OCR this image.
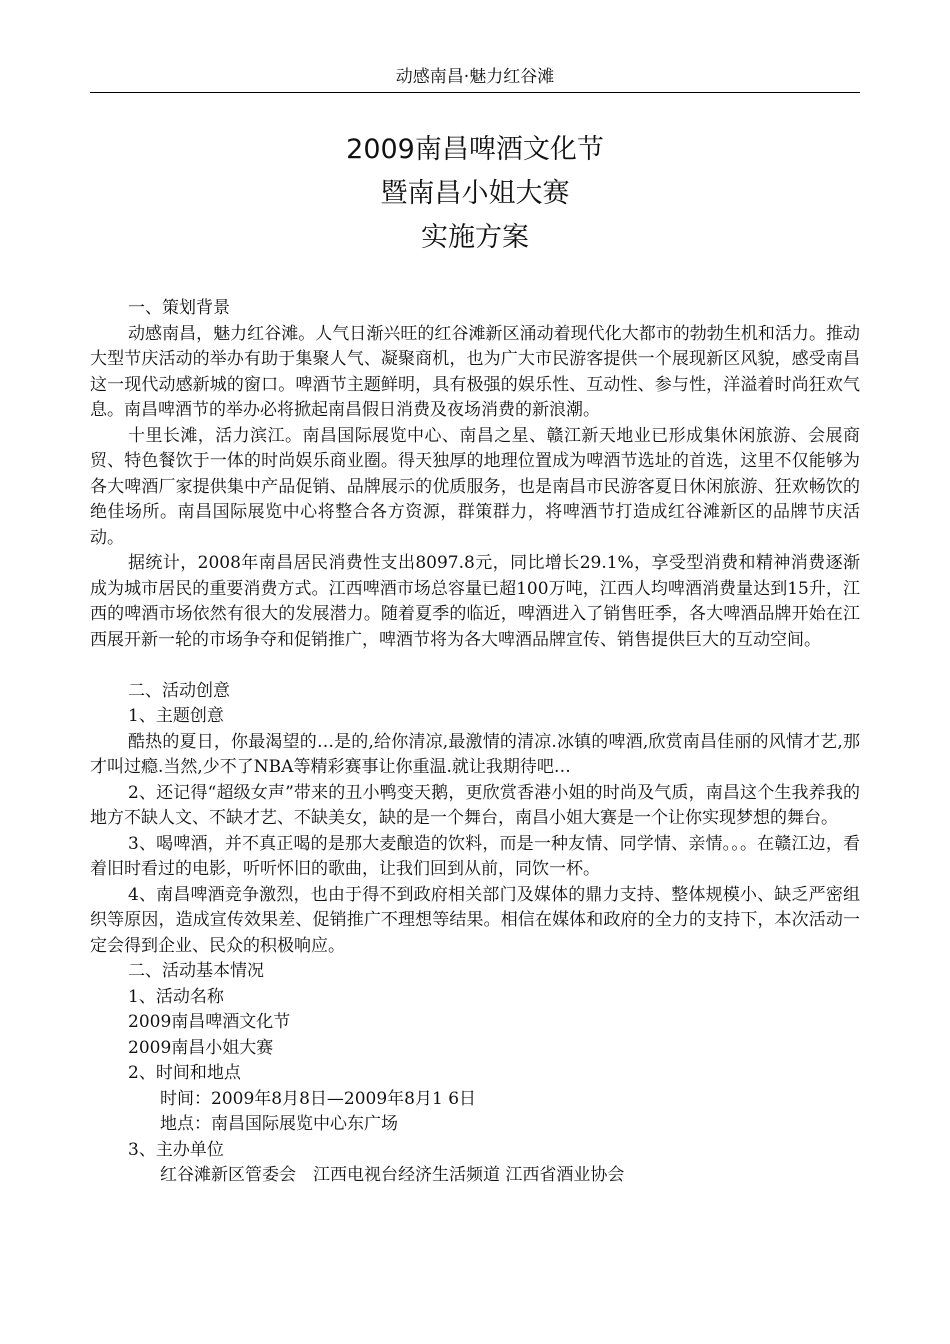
动感南昌·魅力红谷滩
2009南昌啤酒文化节
暨南昌小姐大赛
实施方案

一、策划背景

动感南昌，魅力红谷滩。人气日渐兴旺的红谷滩新区涌动着现代化大都市的勃勃生机和活力。推动大型节庆活动的举办有助于集聚人气、凝聚商机，也为广大市民游客提供一个展现新区风貌，感受南昌这一现代动感新城的窗口。啤酒节主题鲜明，具有极强的娱乐性、互动性、参与性，洋溢着时尚狂欢气息。南昌啤酒节的举办必将掀起南昌假日消费及夜场消费的新浪潮。

十里长滩，活力滨江。南昌国际展览中心、南昌之星、赣江新天地业已形成集休闲旅游、会展商贸、特色餐饮于一体的时尚娱乐商业圈。得天独厚的地理位置成为啤酒节选址的首选，这里不仅能够为各大啤酒厂家提供集中产品促销、品牌展示的优质服务，也是南昌市民游客夏日休闲旅游、狂欢畅饮的绝佳场所。南昌国际展览中心将整合各方资源，群策群力，将啤酒节打造成红谷滩新区的品牌节庆活动。

据统计，2008年南昌居民消费性支出8097.8元，同比增长29.1%，享受型消费和精神消费逐渐成为城市居民的重要消费方式。江西啤酒市场总容量已超100万吨，江西人均啤酒消费量达到15升，江西的啤酒市场依然有很大的发展潜力。随着夏季的临近，啤酒进入了销售旺季，各大啤酒品牌开始在江西展开新一轮的市场争夺和促销推广，啤酒节将为各大啤酒品牌宣传、销售提供巨大的互动空间。

二、活动创意

1、主题创意

酷热的夏日，你最渴望的…是的,给你清凉,最激情的清凉.冰镇的啤酒,欣赏南昌佳丽的风情才艺,那才叫过瘾.当然,少不了NBA等精彩赛事让你重温.就让我期待吧…

2、还记得“超级女声”带来的丑小鸭变天鹅，更欣赏香港小姐的时尚及气质，南昌这个生我养我的地方不缺人文、不缺才艺、不缺美女，缺的是一个舞台，南昌小姐大赛是一个让你实现梦想的舞台。

3、喝啤酒，并不真正喝的是那大麦酿造的饮料，而是一种友情、同学情、亲情。。。在赣江边，看着旧时看过的电影，听听怀旧的歌曲，让我们回到从前，同饮一杯。

4、南昌啤酒竞争激烈，也由于得不到政府相关部门及媒体的鼎力支持、整体规模小、缺乏严密组织等原因，造成宣传效果差、促销推广不理想等结果。相信在媒体和政府的全力的支持下，本次活动一定会得到企业、民众的积极响应。

二、活动基本情况

1、活动名称

2009南昌啤酒文化节

2009南昌小姐大赛

2、时间和地点

时间：2009年8月8日—2009年8月1 6日

地点：南昌国际展览中心东广场

3、主办单位

红谷滩新区管委会　江西电视台经济生活频道 江西省酒业协会
